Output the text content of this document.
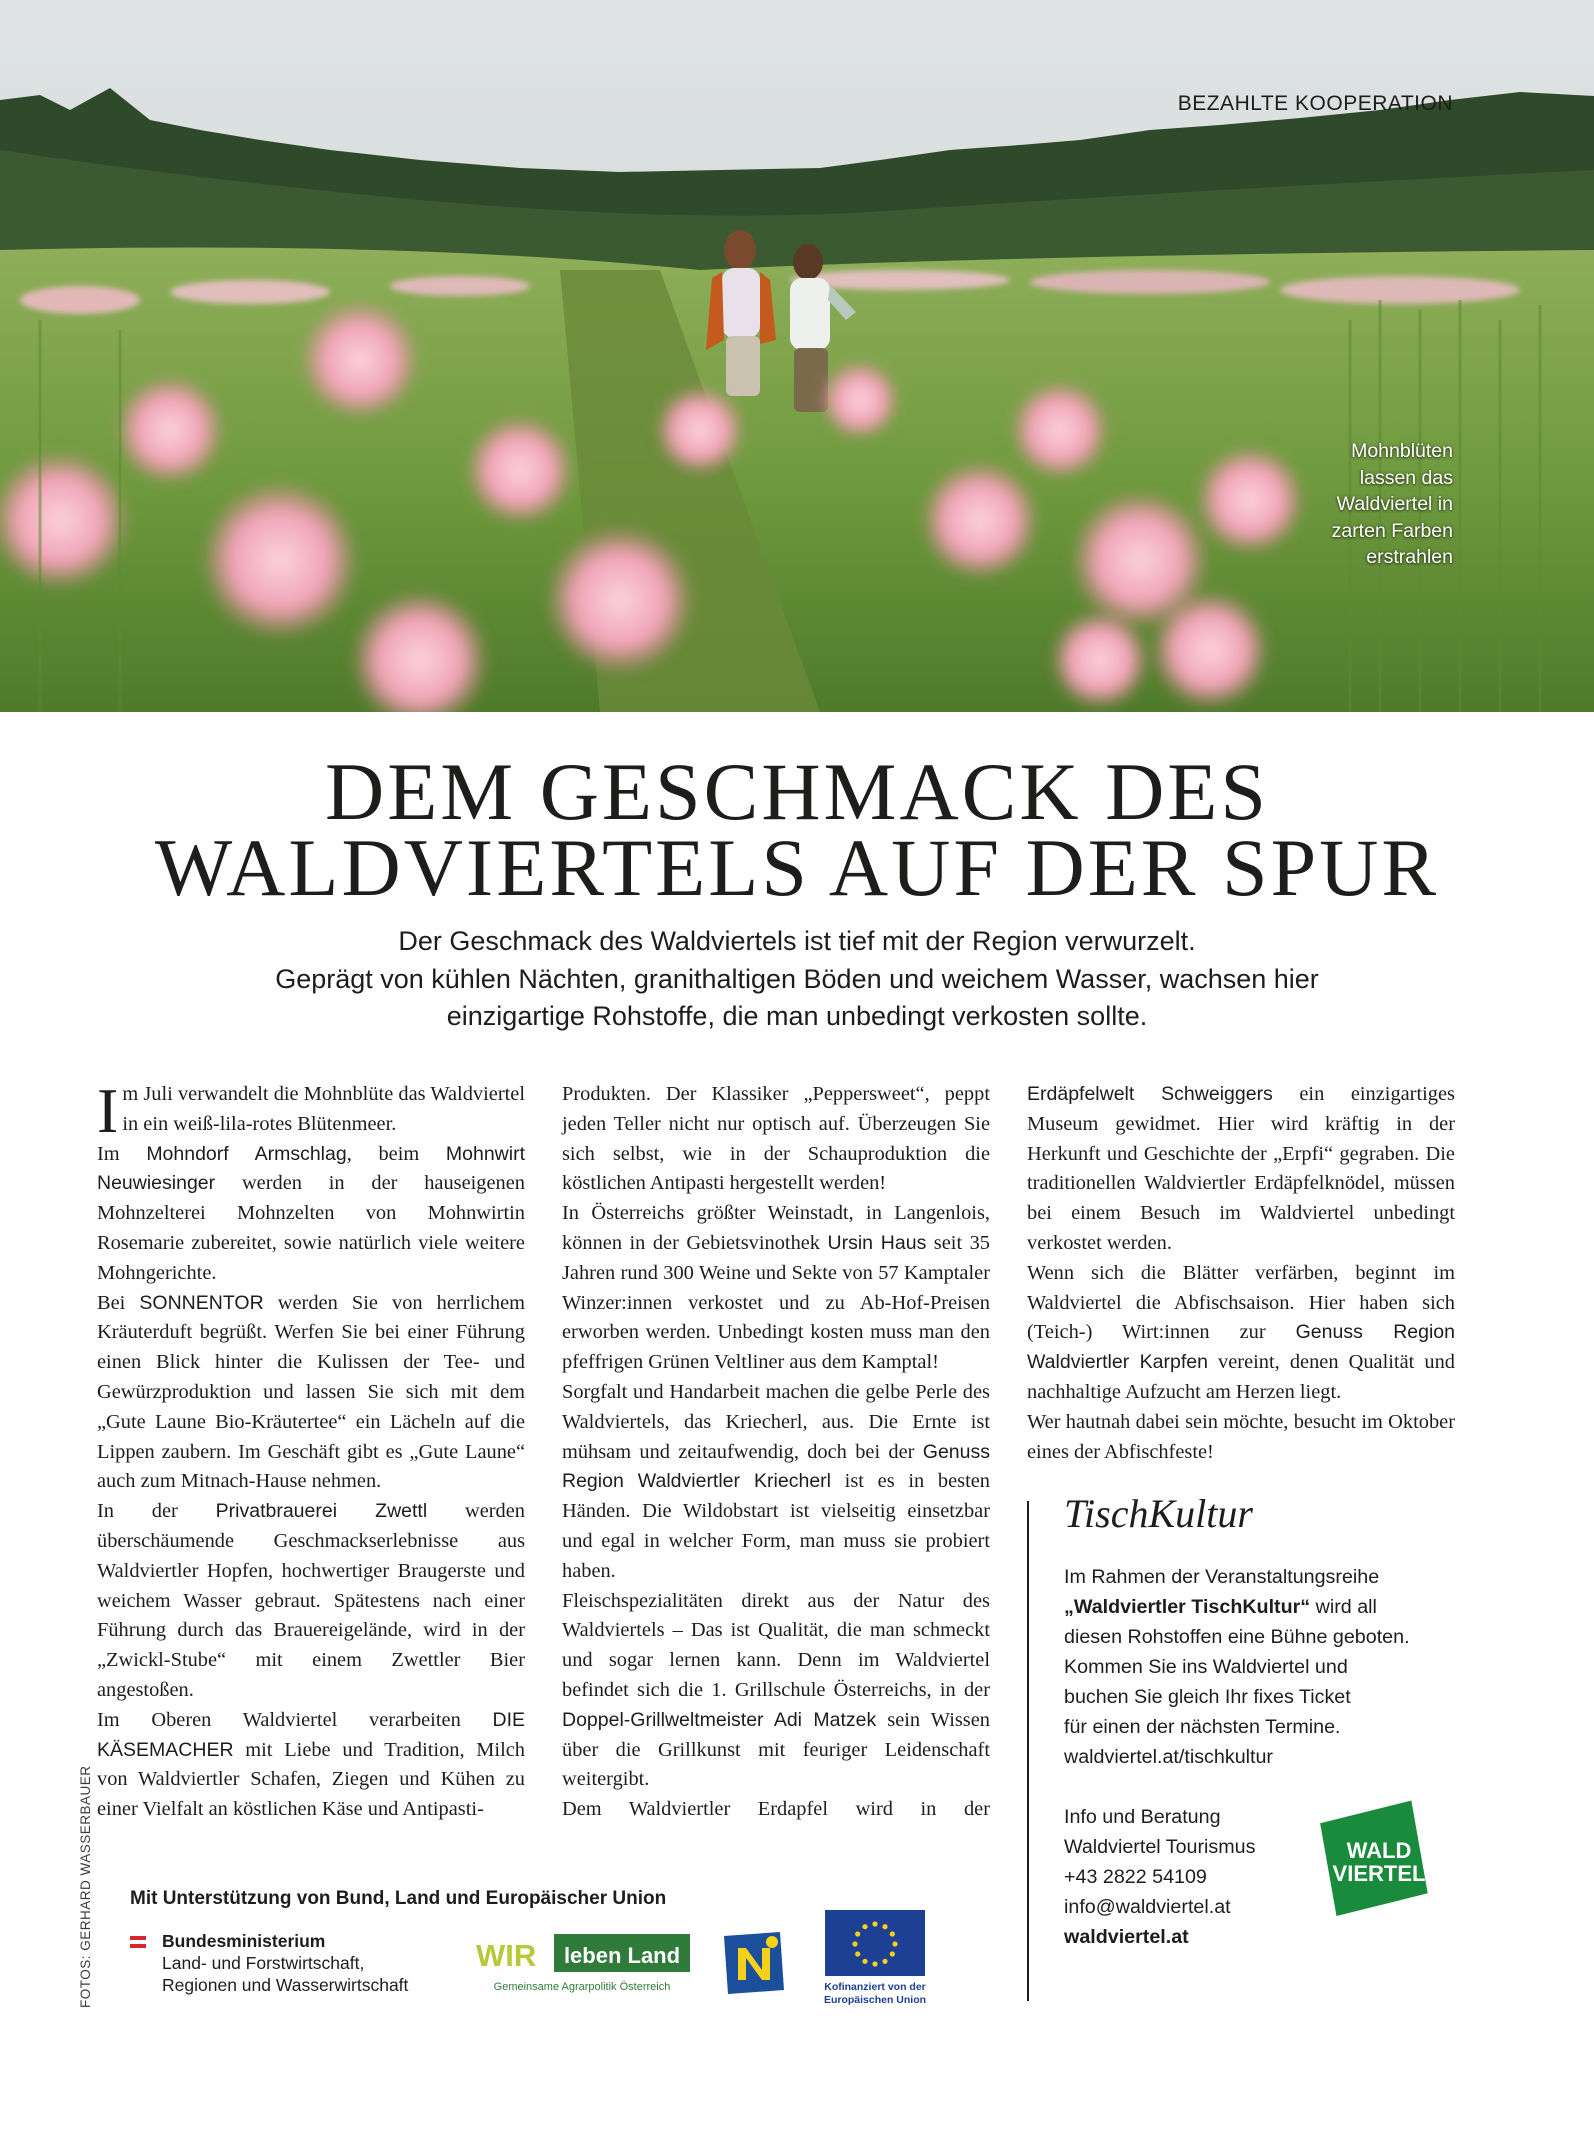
BEZAHLTE KOOPERATION
Mohnblüten
lassen das
Waldviertel in
zarten Farben
erstrahlen
DEM GESCHMACK DES
WALDVIERTELS AUF DER SPUR
Der Geschmack des Waldviertels ist tief mit der Region verwurzelt.
Geprägt von kühlen Nächten, granithaltigen Böden und weichem Wasser, wachsen hier
einzigartige Rohstoffe, die man unbedingt verkosten sollte.

Im Juli verwandelt die Mohnblüte das Waldviertel in ein weiß-lila-rotes Blütenmeer.

Im Mohndorf Armschlag, beim Mohnwirt Neuwiesinger werden in der hauseigenen Mohnzelterei Mohnzelten von Mohnwirtin Rosemarie zubereitet, sowie natürlich viele weitere Mohngerichte.

Bei SONNENTOR werden Sie von herrlichem Kräuterduft begrüßt. Werfen Sie bei einer Führung einen Blick hinter die Kulissen der Tee- und Gewürzproduktion und lassen Sie sich mit dem „Gute Laune Bio-Kräutertee“ ein Lächeln auf die Lippen zaubern. Im Geschäft gibt es „Gute Laune“ auch zum Mitnach-Hause nehmen.

In der Privatbrauerei Zwettl werden überschäumende Geschmackserlebnisse aus Waldviertler Hopfen, hochwertiger Braugerste und weichem Wasser gebraut. Spätestens nach einer Führung durch das Brauereigelände, wird in der „Zwickl-Stube“ mit einem Zwettler Bier angestoßen.

Im Oberen Waldviertel verarbeiten DIE KÄSEMACHER mit Liebe und Tradition, Milch von Waldviertler Schafen, Ziegen und Kühen zu einer Vielfalt an köstlichen Käse und Antipasti-

Produkten. Der Klassiker „Peppersweet“, peppt jeden Teller nicht nur optisch auf. Überzeugen Sie sich selbst, wie in der Schauproduktion die köstlichen Antipasti hergestellt werden!

In Österreichs größter Weinstadt, in Langenlois, können in der Gebietsvinothek Ursin Haus seit 35 Jahren rund 300 Weine und Sekte von 57 Kamptaler Winzer:innen verkostet und zu Ab-Hof-Preisen erworben werden. Unbedingt kosten muss man den pfeffrigen Grünen Veltliner aus dem Kamptal!

Sorgfalt und Handarbeit machen die gelbe Perle des Waldviertels, das Kriecherl, aus. Die Ernte ist mühsam und zeitaufwendig, doch bei der Genuss Region Waldviertler Kriecherl ist es in besten Händen. Die Wildobstart ist vielseitig einsetzbar und egal in welcher Form, man muss sie probiert haben.

Fleischspezialitäten direkt aus der Natur des Waldviertels – Das ist Qualität, die man schmeckt und sogar lernen kann. Denn im Waldviertel befindet sich die 1. Grillschule Österreichs, in der Doppel-Grillweltmeister Adi Matzek sein Wissen über die Grillkunst mit feuriger Leidenschaft weitergibt.

Dem Waldviertler Erdapfel wird in der

Erdäpfelwelt Schweiggers ein einzigartiges Museum gewidmet. Hier wird kräftig in der Herkunft und Geschichte der „Erpfi“ gegraben. Die traditionellen Waldviertler Erdäpfelknödel, müssen bei einem Besuch im Waldviertel unbedingt verkostet werden.

Wenn sich die Blätter verfärben, beginnt im Waldviertel die Abfischsaison. Hier haben sich (Teich-) Wirt:innen zur Genuss Region Waldviertler Karpfen vereint, denen Qualität und nachhaltige Aufzucht am Herzen liegt.

Wer hautnah dabei sein möchte, besucht im Oktober eines der Abfischfeste!

TischKultur
Im Rahmen der Veranstaltungsreihe
„Waldviertler TischKultur“ wird all
diesen Rohstoffen eine Bühne geboten.
Kommen Sie ins Waldviertel und
buchen Sie gleich Ihr fixes Ticket
für einen der nächsten Termine.
waldviertel.at/tischkultur
Info und Beratung
Waldviertel Tourismus
+43 2822 54109
info@waldviertel.at
waldviertel.at
WALD
VIERTEL
Mit Unterstützung von Bund, Land und Europäischer Union
Bundesministerium
Land- und Forstwirtschaft,
Regionen und Wasserwirtschaft
WIR leben Land
Gemeinsame Agrarpolitik Österreich	Kofinanziert von der
Europäischen Union
FOTOS: GERHARD WASSERBAUER
